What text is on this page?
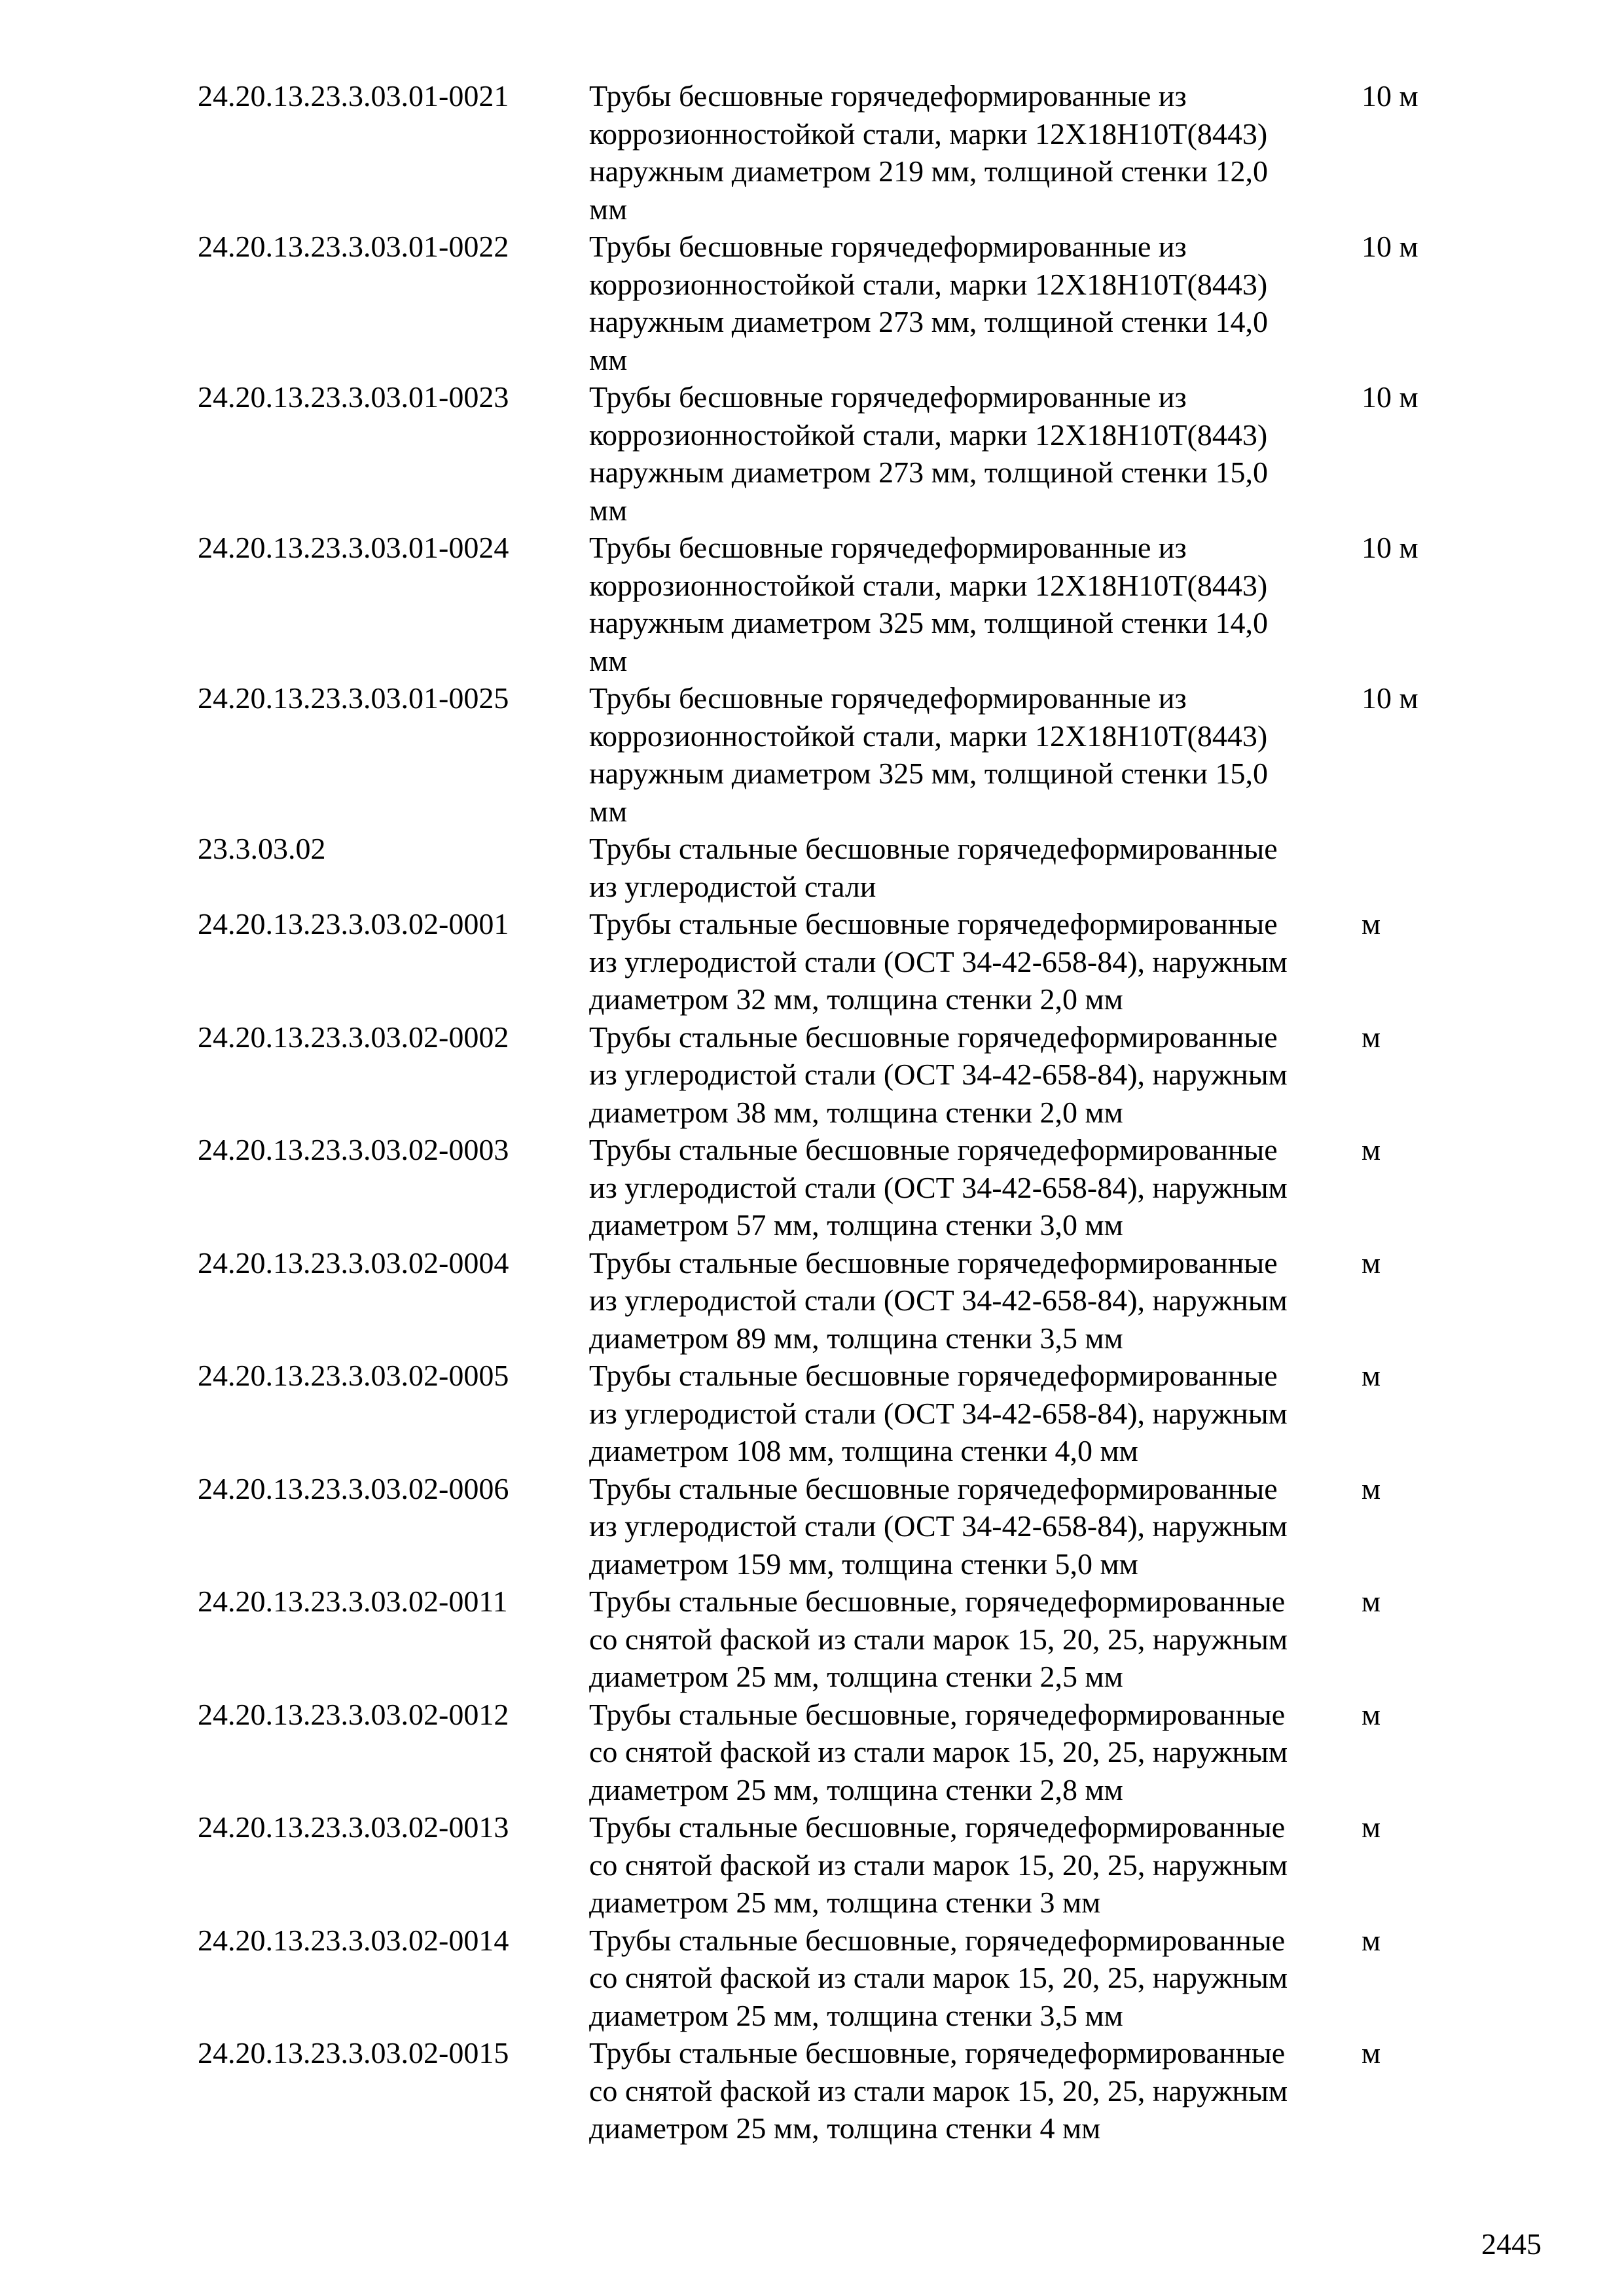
24.20.13.23.3.03.01-0021	Трубы бесшовные горячедеформированные из
коррозионностойкой стали, марки 12Х18Н10Т(8443)
наружным диаметром 219 мм, толщиной стенки 12,0
мм
10 м
24.20.13.23.3.03.01-0022	Трубы бесшовные горячедеформированные из
коррозионностойкой стали, марки 12Х18Н10Т(8443)
наружным диаметром 273 мм, толщиной стенки 14,0
мм
10 м
24.20.13.23.3.03.01-0023	Трубы бесшовные горячедеформированные из
коррозионностойкой стали, марки 12Х18Н10Т(8443)
наружным диаметром 273 мм, толщиной стенки 15,0
мм
10 м
24.20.13.23.3.03.01-0024	Трубы бесшовные горячедеформированные из
коррозионностойкой стали, марки 12Х18Н10Т(8443)
наружным диаметром 325 мм, толщиной стенки 14,0
мм
10 м
24.20.13.23.3.03.01-0025	Трубы бесшовные горячедеформированные из
коррозионностойкой стали, марки 12Х18Н10Т(8443)
наружным диаметром 325 мм, толщиной стенки 15,0
мм
10 м
23.3.03.02	Трубы стальные бесшовные горячедеформированные
из углеродистой стали
24.20.13.23.3.03.02-0001	Трубы стальные бесшовные горячедеформированные
из углеродистой стали (ОСТ 34-42-658-84), наружным
диаметром 32 мм, толщина стенки 2,0 мм
м
24.20.13.23.3.03.02-0002	Трубы стальные бесшовные горячедеформированные
из углеродистой стали (ОСТ 34-42-658-84), наружным
диаметром 38 мм, толщина стенки 2,0 мм
м
24.20.13.23.3.03.02-0003	Трубы стальные бесшовные горячедеформированные
из углеродистой стали (ОСТ 34-42-658-84), наружным
диаметром 57 мм, толщина стенки 3,0 мм
м
24.20.13.23.3.03.02-0004	Трубы стальные бесшовные горячедеформированные
из углеродистой стали (ОСТ 34-42-658-84), наружным
диаметром 89 мм, толщина стенки 3,5 мм
м
24.20.13.23.3.03.02-0005	Трубы стальные бесшовные горячедеформированные
из углеродистой стали (ОСТ 34-42-658-84), наружным
диаметром 108 мм, толщина стенки 4,0 мм
м
24.20.13.23.3.03.02-0006	Трубы стальные бесшовные горячедеформированные
из углеродистой стали (ОСТ 34-42-658-84), наружным
диаметром 159 мм, толщина стенки 5,0 мм
м
24.20.13.23.3.03.02-0011	Трубы стальные бесшовные, горячедеформированные
со снятой фаской из стали марок 15, 20, 25, наружным
диаметром 25 мм, толщина стенки 2,5 мм
м
24.20.13.23.3.03.02-0012	Трубы стальные бесшовные, горячедеформированные
со снятой фаской из стали марок 15, 20, 25, наружным
диаметром 25 мм, толщина стенки 2,8 мм
м
24.20.13.23.3.03.02-0013	Трубы стальные бесшовные, горячедеформированные
со снятой фаской из стали марок 15, 20, 25, наружным
диаметром 25 мм, толщина стенки 3 мм
м
24.20.13.23.3.03.02-0014	Трубы стальные бесшовные, горячедеформированные
со снятой фаской из стали марок 15, 20, 25, наружным
диаметром 25 мм, толщина стенки 3,5 мм
м
24.20.13.23.3.03.02-0015	Трубы стальные бесшовные, горячедеформированные
со снятой фаской из стали марок 15, 20, 25, наружным
диаметром 25 мм, толщина стенки 4 мм
м
2445
